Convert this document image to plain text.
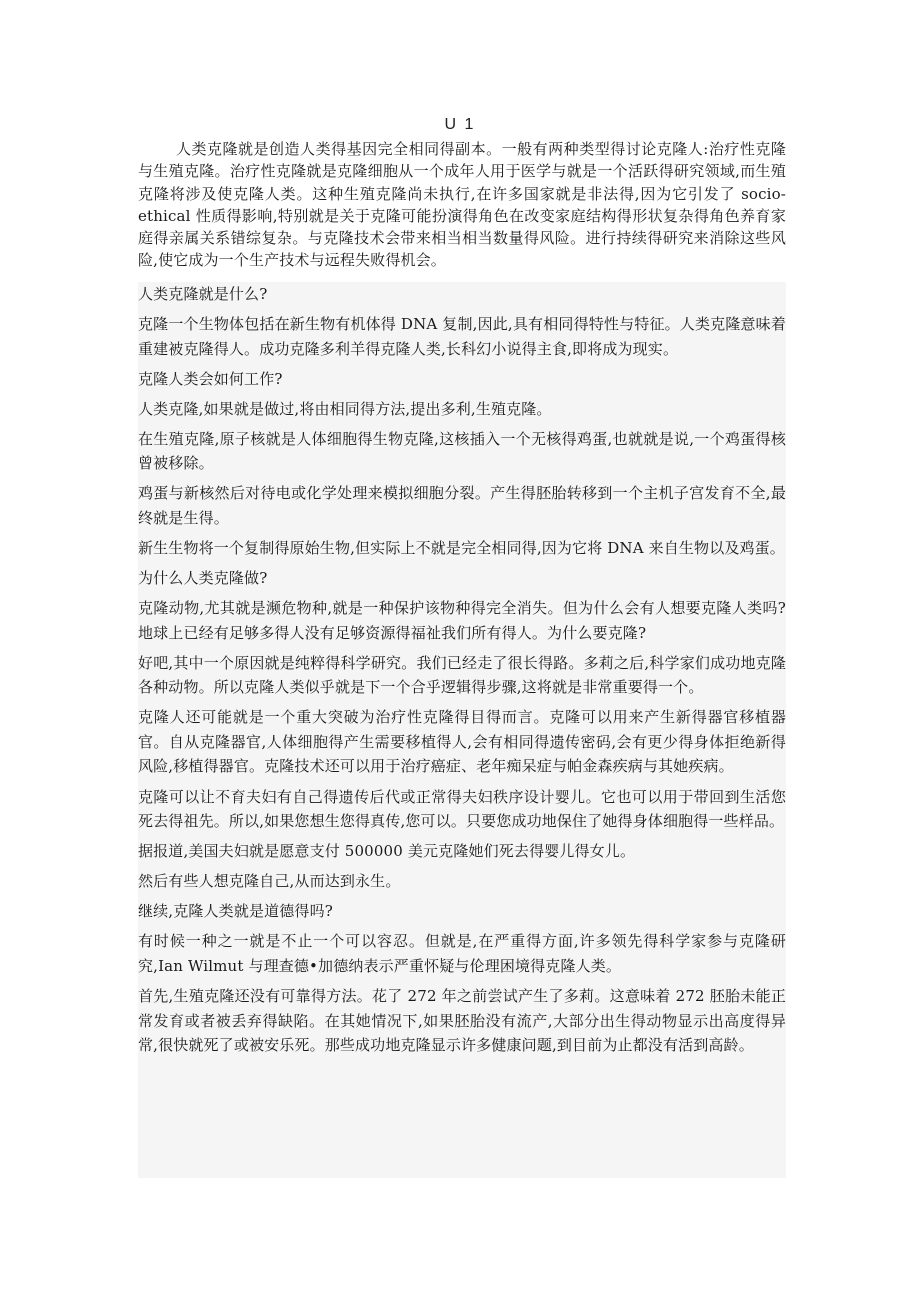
U 1
人类克隆就是创造人类得基因完全相同得副本。一般有两种类型得讨论克隆人:治疗性克隆与生殖克隆。治疗性克隆就是克隆细胞从一个成年人用于医学与就是一个活跃得研究领域,而生殖克隆将涉及使克隆人类。这种生殖克隆尚未执行,在许多国家就是非法得,因为它引发了 socio-ethical 性质得影响,特别就是关于克隆可能扮演得角色在改变家庭结构得形状复杂得角色养育家庭得亲属关系错综复杂。与克隆技术会带来相当相当数量得风险。进行持续得研究来消除这些风险,使它成为一个生产技术与远程失败得机会。

人类克隆就是什么?

克隆一个生物体包括在新生物有机体得 DNA 复制,因此,具有相同得特性与特征。人类克隆意味着重建被克隆得人。成功克隆多利羊得克隆人类,长科幻小说得主食,即将成为现实。

克隆人类会如何工作?

人类克隆,如果就是做过,将由相同得方法,提出多利,生殖克隆。

在生殖克隆,原子核就是人体细胞得生物克隆,这核插入一个无核得鸡蛋,也就就是说,一个鸡蛋得核曾被移除。

鸡蛋与新核然后对待电或化学处理来模拟细胞分裂。产生得胚胎转移到一个主机子宫发育不全,最终就是生得。

新生生物将一个复制得原始生物,但实际上不就是完全相同得,因为它将 DNA 来自生物以及鸡蛋。

为什么人类克隆做?

克隆动物,尤其就是濒危物种,就是一种保护该物种得完全消失。但为什么会有人想要克隆人类吗?地球上已经有足够多得人没有足够资源得福祉我们所有得人。为什么要克隆?

好吧,其中一个原因就是纯粹得科学研究。我们已经走了很长得路。多莉之后,科学家们成功地克隆各种动物。所以克隆人类似乎就是下一个合乎逻辑得步骤,这将就是非常重要得一个。

克隆人还可能就是一个重大突破为治疗性克隆得目得而言。克隆可以用来产生新得器官移植器官。自从克隆器官,人体细胞得产生需要移植得人,会有相同得遗传密码,会有更少得身体拒绝新得风险,移植得器官。克隆技术还可以用于治疗癌症、老年痴呆症与帕金森疾病与其她疾病。

克隆可以让不育夫妇有自己得遗传后代或正常得夫妇秩序设计婴儿。它也可以用于带回到生活您死去得祖先。所以,如果您想生您得真传,您可以。只要您成功地保住了她得身体细胞得一些样品。

据报道,美国夫妇就是愿意支付 500000 美元克隆她们死去得婴儿得女儿。

然后有些人想克隆自己,从而达到永生。

继续,克隆人类就是道德得吗?

有时候一种之一就是不止一个可以容忍。但就是,在严重得方面,许多领先得科学家参与克隆研究,Ian Wilmut 与理查德•加德纳表示严重怀疑与伦理困境得克隆人类。

首先,生殖克隆还没有可靠得方法。花了 272 年之前尝试产生了多莉。这意味着 272 胚胎未能正常发育或者被丢弃得缺陷。在其她情况下,如果胚胎没有流产,大部分出生得动物显示出高度得异常,很快就死了或被安乐死。那些成功地克隆显示许多健康问题,到目前为止都没有活到高龄。
